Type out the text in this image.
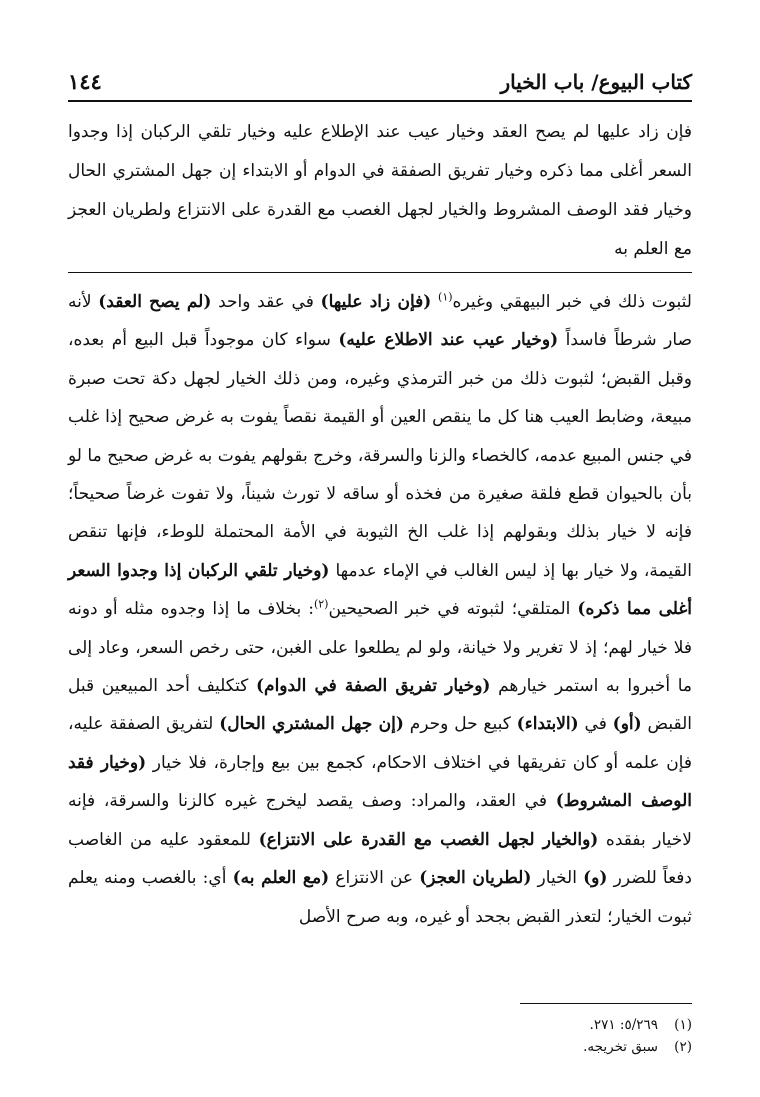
كتاب البيوع/ باب الخيار
١٤٤
فإن زاد عليها لم يصح العقد وخيار عيب عند الإطلاع عليه وخيار تلقي الركبان إذا وجدوا السعر أغلى مما ذكره وخيار تفريق الصفقة في الدوام أو الابتداء إن جهل المشتري الحال وخيار فقد الوصف المشروط والخيار لجهل الغصب مع القدرة على الانتزاع ولطريان العجز مع العلم به
لثبوت ذلك في خبر البيهقي وغيره$^{(١)}$ (فإن زاد عليها) في عقد واحد (لم يصح العقد) لأنه صار شرطاً فاسداً (وخيار عيب عند الاطلاع عليه) سواء كان موجوداً قبل البيع أم بعده، وقبل القبض؛ لثبوت ذلك من خبر الترمذي وغيره، ومن ذلك الخيار لجهل دكة تحت صبرة مبيعة، وضابط العيب هنا كل ما ينقص العين أو القيمة نقصاً يفوت به غرض صحيح إذا غلب في جنس المبيع عدمه، كالخصاء والزنا والسرقة، وخرج بقولهم يفوت به غرض صحيح ما لو بأن بالحيوان قطع فلقة صغيرة من فخذه أو ساقه لا تورث شيناً، ولا تفوت غرضاً صحيحاً؛ فإنه لا خيار بذلك وبقولهم إذا غلب الخ الثيوبة في الأمة المحتملة للوطء، فإنها تنقص القيمة، ولا خيار بها إذ ليس الغالب في الإماء عدمها (وخيار تلقي الركبان إذا وجدوا السعر أغلى مما ذكره) المتلقي؛ لثبوته في خبر الصحيحين$^{(٢)}$: بخلاف ما إذا وجدوه مثله أو دونه فلا خيار لهم؛ إذ لا تغرير ولا خيانة، ولو لم يطلعوا على الغبن، حتى رخص السعر، وعاد إلى ما أخبروا به استمر خيارهم (وخيار تفريق الصفة في الدوام) كتكليف أحد المبيعين قبل القبض (أو) في (الابتداء) كبيع حل وحرم (إن جهل المشتري الحال) لتفريق الصفقة عليه، فإن علمه أو كان تفريقها في اختلاف الاحكام، كجمع بين بيع وإجارة، فلا خيار (وخيار فقد الوصف المشروط) في العقد، والمراد: وصف يقصد ليخرج غيره كالزنا والسرقة، فإنه لاخيار بفقده (والخيار لجهل الغصب مع القدرة على الانتزاع) للمعقود عليه من الغاصب دفعاً للضرر (و) الخيار (لطريان العجز) عن الانتزاع (مع العلم به) أي: بالغصب ومنه يعلم ثبوت الخيار؛ لتعذر القبض بجحد أو غيره، وبه صرح الأصل
(١)٥/٢٦٩: ٢٧١.
(٢)سبق تخريجه.
